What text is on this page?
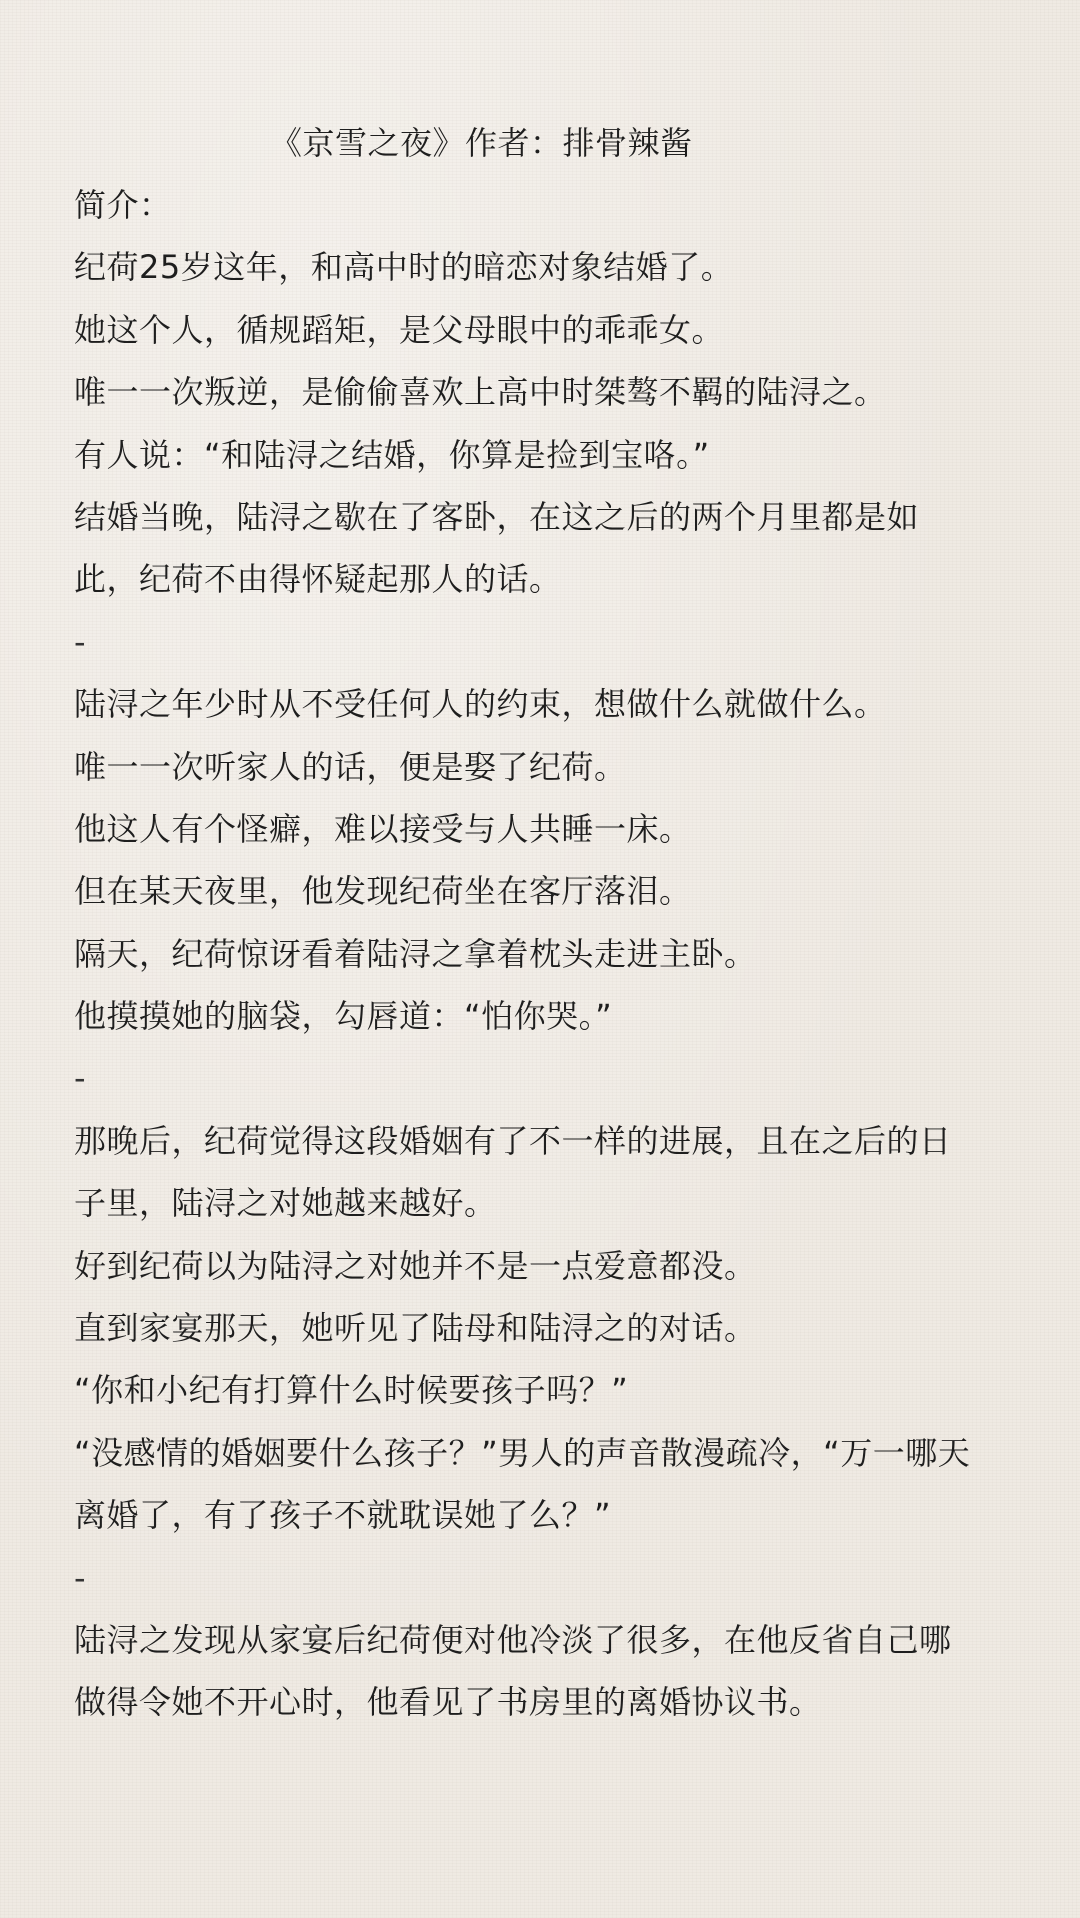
《京雪之夜》作者：排骨辣酱
简介：
纪荷25岁这年，和高中时的暗恋对象结婚了。
她这个人，循规蹈矩，是父母眼中的乖乖女。
唯一一次叛逆，是偷偷喜欢上高中时桀骜不羁的陆浔之。
有人说：“和陆浔之结婚，你算是捡到宝咯。”
结婚当晚，陆浔之歇在了客卧，在这之后的两个月里都是如
此，纪荷不由得怀疑起那人的话。
-
陆浔之年少时从不受任何人的约束，想做什么就做什么。
唯一一次听家人的话，便是娶了纪荷。
他这人有个怪癖，难以接受与人共睡一床。
但在某天夜里，他发现纪荷坐在客厅落泪。
隔天，纪荷惊讶看着陆浔之拿着枕头走进主卧。
他摸摸她的脑袋，勾唇道：“怕你哭。”
-
那晚后，纪荷觉得这段婚姻有了不一样的进展，且在之后的日
子里，陆浔之对她越来越好。
好到纪荷以为陆浔之对她并不是一点爱意都没。
直到家宴那天，她听见了陆母和陆浔之的对话。
“你和小纪有打算什么时候要孩子吗？”
“没感情的婚姻要什么孩子？”男人的声音散漫疏冷，“万一哪天
离婚了，有了孩子不就耽误她了么？”
-
陆浔之发现从家宴后纪荷便对他冷淡了很多，在他反省自己哪
做得令她不开心时，他看见了书房里的离婚协议书。
